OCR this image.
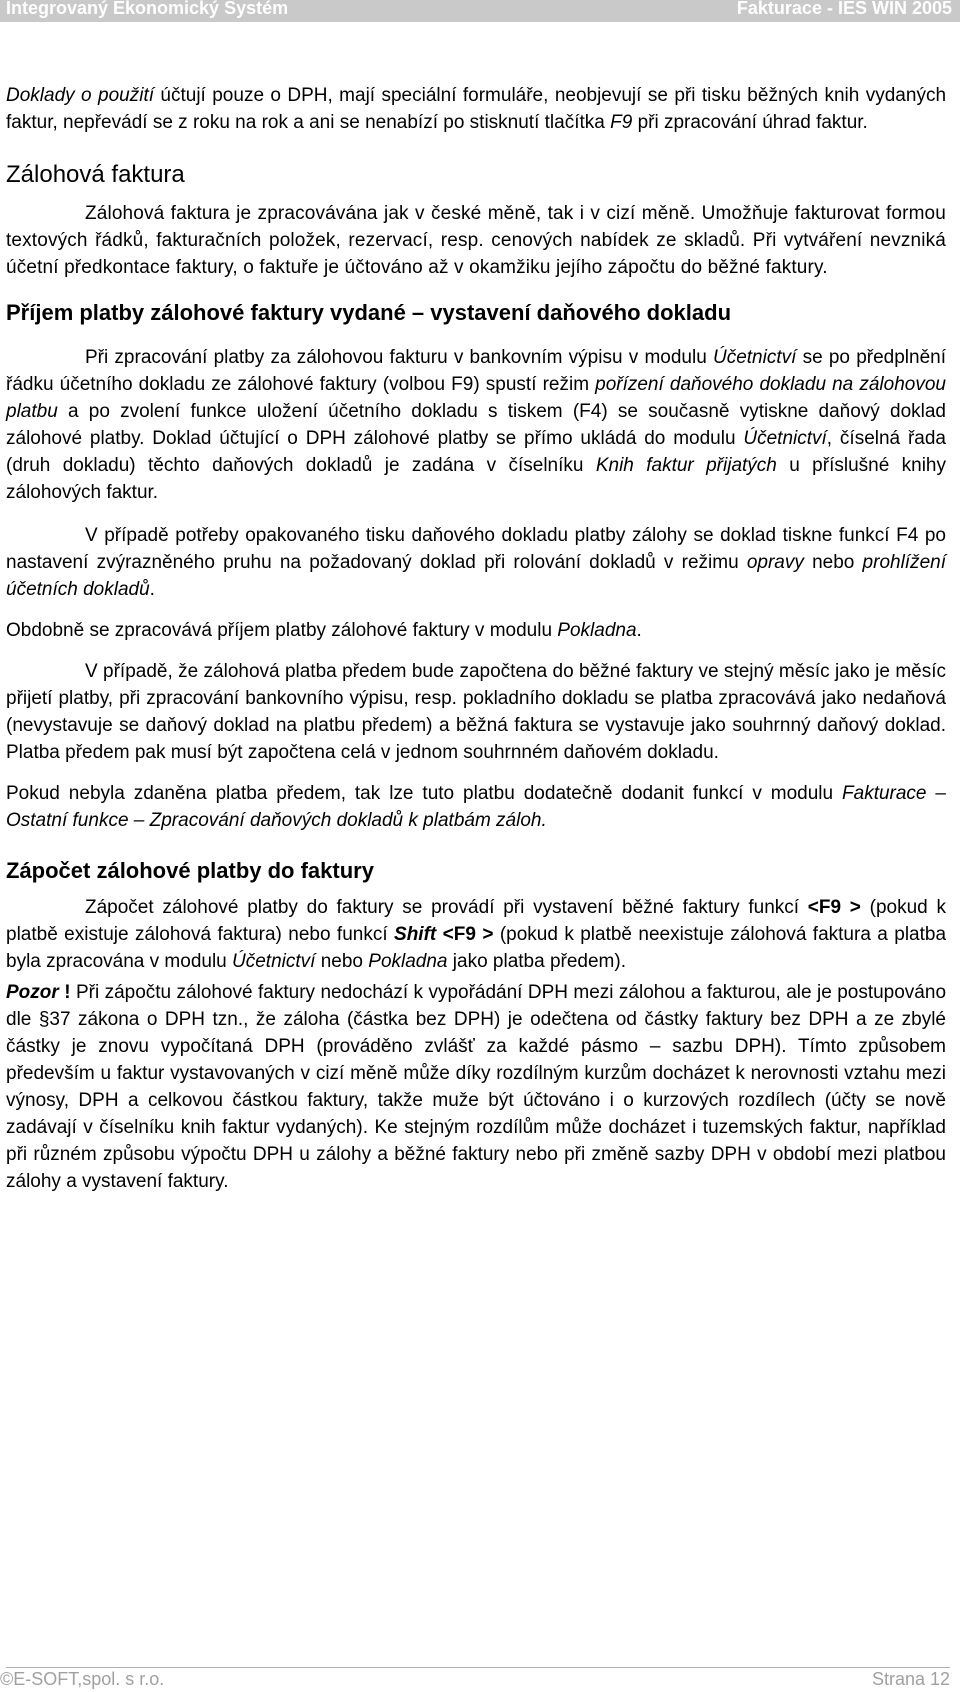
Integrovaný Ekonomický Systém	Fakturace - IES WIN 2005

Doklady o použití účtují pouze o DPH, mají speciální formuláře, neobjevují se při tisku běžných knih vydaných faktur, nepřevádí se z roku na rok a ani se nenabízí po stisknutí tlačítka F9 při zpracování úhrad faktur.

Zálohová faktura

Zálohová faktura je zpracovávána jak v české měně, tak i v cizí měně. Umožňuje fakturovat formou textových řádků, fakturačních položek, rezervací, resp. cenových nabídek ze skladů. Při vytváření nevzniká účetní předkontace faktury, o faktuře je účtováno až v okamžiku jejího zápočtu do běžné faktury.

Příjem platby zálohové faktury vydané – vystavení daňového dokladu

Při zpracování platby za zálohovou fakturu v bankovním výpisu v modulu Účetnictví se po předplnění řádku účetního dokladu ze zálohové faktury (volbou F9) spustí režim pořízení daňového dokladu na zálohovou platbu a po zvolení funkce uložení účetního dokladu s tiskem (F4) se současně vytiskne daňový doklad zálohové platby. Doklad účtující o DPH zálohové platby se přímo ukládá do modulu Účetnictví, číselná řada (druh dokladu) těchto daňových dokladů je zadána v číselníku Knih faktur přijatých u příslušné knihy zálohových faktur.

V případě potřeby opakovaného tisku daňového dokladu platby zálohy se doklad tiskne funkcí F4 po nastavení zvýrazněného pruhu na požadovaný doklad při rolování dokladů v režimu opravy nebo prohlížení účetních dokladů.

Obdobně se zpracovává příjem platby zálohové faktury v modulu Pokladna.

V případě, že zálohová platba předem bude započtena do běžné faktury ve stejný měsíc jako je měsíc přijetí platby, při zpracování bankovního výpisu, resp. pokladního dokladu se platba zpracovává jako nedaňová (nevystavuje se daňový doklad na platbu předem) a běžná faktura se vystavuje jako souhrnný daňový doklad. Platba předem pak musí být započtena celá v jednom souhrnném daňovém dokladu.

Pokud nebyla zdaněna platba předem, tak lze tuto platbu dodatečně dodanit funkcí v modulu Fakturace – Ostatní funkce – Zpracování daňových dokladů k platbám záloh.

Zápočet zálohové platby do faktury

Zápočet zálohové platby do faktury se provádí při vystavení běžné faktury funkcí <F9 > (pokud k platbě existuje zálohová faktura) nebo funkcí Shift <F9 > (pokud k platbě neexistuje zálohová faktura a platba byla zpracována v modulu Účetnictví nebo Pokladna jako platba předem).

Pozor ! Při zápočtu zálohové faktury nedochází k vypořádání DPH mezi zálohou a fakturou, ale je postupováno dle §37 zákona o DPH tzn., že záloha (částka bez DPH) je odečtena od částky faktury bez DPH a ze zbylé částky je znovu vypočítaná DPH (prováděno zvlášť za každé pásmo – sazbu DPH). Tímto způsobem především u faktur vystavovaných v cizí měně může díky rozdílným kurzům docházet k nerovnosti vztahu mezi výnosy, DPH a celkovou částkou faktury, takže muže být účtováno i o kurzových rozdílech (účty se nově zadávají v číselníku knih faktur vydaných). Ke stejným rozdílům může docházet i tuzemských faktur, například při různém způsobu výpočtu DPH u zálohy a běžné faktury nebo při změně sazby DPH v období mezi platbou zálohy a vystavení faktury.

©E-SOFT,spol. s r.o.	Strana 12
